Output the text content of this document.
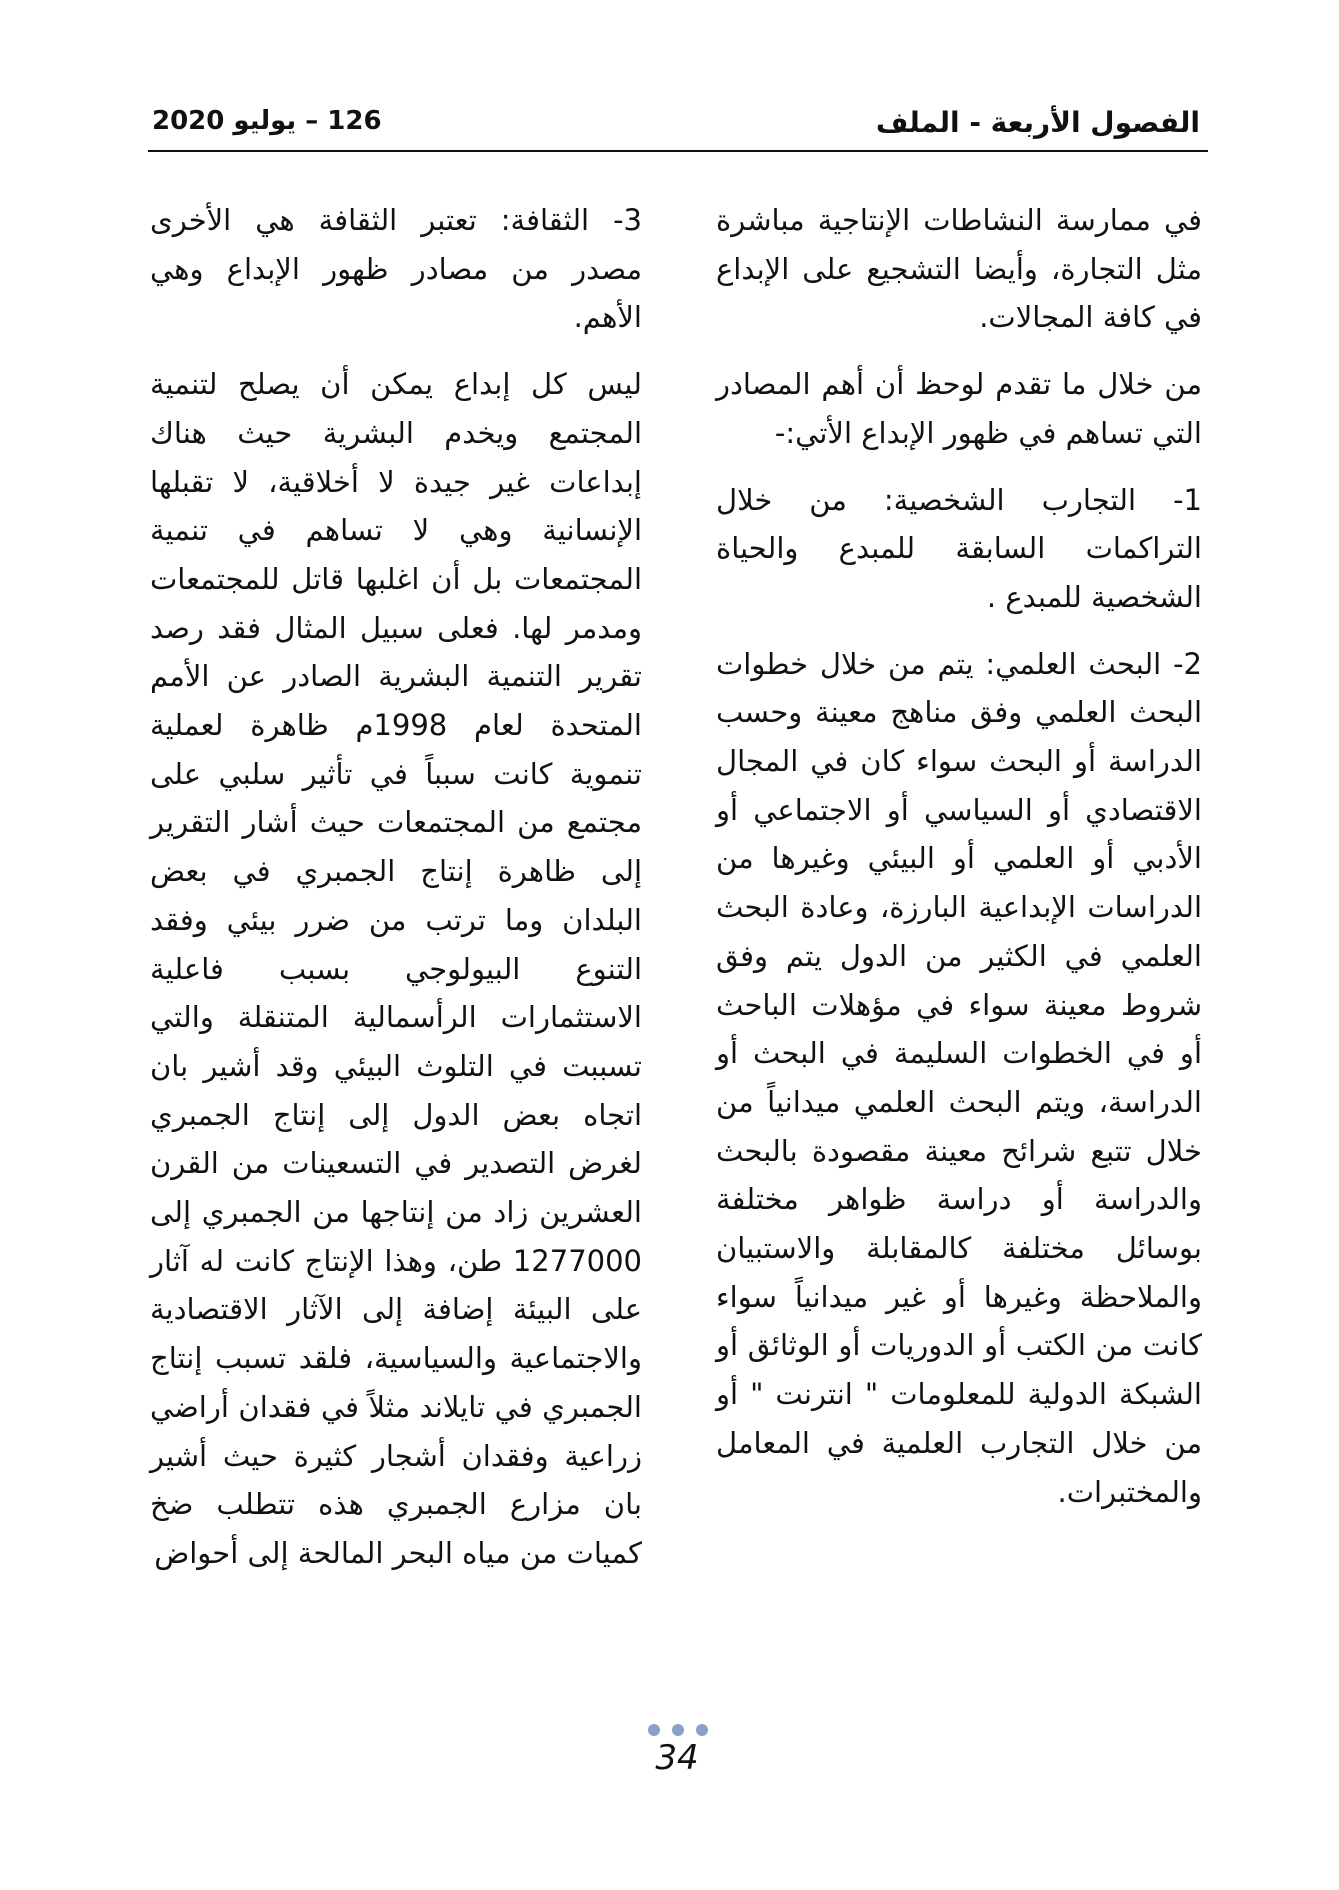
الفصول الأربعة - الملف
126 – يوليو 2020

في ممارسة النشاطات الإنتاجية مباشرة مثل التجارة، وأيضا التشجيع على الإبداع في كافة المجالات.

من خلال ما تقدم لوحظ أن أهم المصادر التي تساهم في ظهور الإبداع الأتي:-

1- التجارب الشخصية: من خلال التراكمات السابقة للمبدع والحياة الشخصية للمبدع .

2- البحث العلمي: يتم من خلال خطوات البحث العلمي وفق مناهج معينة وحسب الدراسة أو البحث سواء كان في المجال الاقتصادي أو السياسي أو الاجتماعي أو الأدبي أو العلمي أو البيئي وغيرها من الدراسات الإبداعية البارزة، وعادة البحث العلمي في الكثير من الدول يتم وفق شروط معينة سواء في مؤهلات الباحث أو في الخطوات السليمة في البحث أو الدراسة، ويتم البحث العلمي ميدانياً من خلال تتبع شرائح معينة مقصودة بالبحث والدراسة أو دراسة ظواهر مختلفة بوسائل مختلفة كالمقابلة والاستبيان والملاحظة وغيرها أو غير ميدانياً سواء كانت من الكتب أو الدوريات أو الوثائق أو الشبكة الدولية للمعلومات " انترنت " أو من خلال التجارب العلمية في المعامل والمختبرات.

3- الثقافة: تعتبر الثقافة هي الأخرى مصدر من مصادر ظهور الإبداع وهي الأهم.

ليس كل إبداع يمكن أن يصلح لتنمية المجتمع ويخدم البشرية حيث هناك إبداعات غير جيدة لا أخلاقية، لا تقبلها الإنسانية وهي لا تساهم في تنمية المجتمعات بل أن اغلبها قاتل للمجتمعات ومدمر لها. فعلى سبيل المثال فقد رصد تقرير التنمية البشرية الصادر عن الأمم المتحدة لعام 1998م ظاهرة لعملية تنموية كانت سبباً في تأثير سلبي على مجتمع من المجتمعات حيث أشار التقرير إلى ظاهرة إنتاج الجمبري في بعض البلدان وما ترتب من ضرر بيئي وفقد التنوع البيولوجي بسبب فاعلية الاستثمارات الرأسمالية المتنقلة والتي تسببت في التلوث البيئي وقد أشير بان اتجاه بعض الدول إلى إنتاج الجمبري لغرض التصدير في التسعينات من القرن العشرين زاد من إنتاجها من الجمبري إلى 1277000 طن، وهذا الإنتاج كانت له آثار على البيئة إضافة إلى الآثار الاقتصادية والاجتماعية والسياسية، فلقد تسبب إنتاج الجمبري في تايلاند مثلاً في فقدان أراضي زراعية وفقدان أشجار كثيرة حيث أشير بان مزارع الجمبري هذه تتطلب ضخ كميات من مياه البحر المالحة إلى أحواض

34
